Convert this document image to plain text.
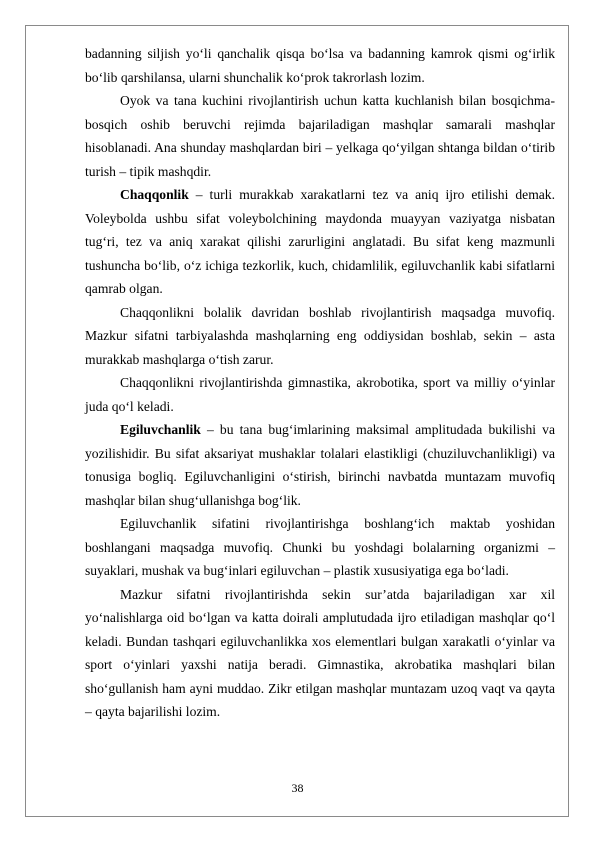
badanning siljish yo‘li qanchalik qisqa bo‘lsa va badanning kamrok qismi og‘irlik bo‘lib qarshilansa, ularni shunchalik ko‘prok takrorlash lozim.

Oyok va tana kuchini rivojlantirish uchun katta kuchlanish bilan bosqichma-bosqich oshib beruvchi rejimda bajariladigan mashqlar samarali mashqlar hisoblanadi. Ana shunday mashqlardan biri – yelkaga qo‘yilgan shtanga bildan o‘tirib turish – tipik mashqdir.

Chaqqonlik – turli murakkab xarakatlarni tez va aniq ijro etilishi demak. Voleybolda ushbu sifat voleybolchining maydonda muayyan vaziyatga nisbatan tug‘ri, tez va aniq xarakat qilishi zarurligini anglatadi. Bu sifat keng mazmunli tushuncha bo‘lib, o‘z ichiga tezkorlik, kuch, chidamlilik, egiluvchanlik kabi sifatlarni qamrab olgan.

Chaqqonlikni bolalik davridan boshlab rivojlantirish maqsadga muvofiq. Mazkur sifatni tarbiyalashda mashqlarning eng oddiysidan boshlab, sekin – asta murakkab mashqlarga o‘tish zarur.

Chaqqonlikni rivojlantirishda gimnastika, akrobotika, sport va milliy o‘yinlar juda qo‘l keladi.

Egiluvchanlik – bu tana bug‘imlarining maksimal amplitudada bukilishi va yozilishidir. Bu sifat aksariyat mushaklar tolalari elastikligi (chuziluvchanlikligi) va tonusiga bogliq. Egiluvchanligini o‘stirish, birinchi navbatda muntazam muvofiq mashqlar bilan shug‘ullanishga bog‘lik.

Egiluvchanlik sifatini rivojlantirishga boshlang‘ich maktab yoshidan boshlangani maqsadga muvofiq. Chunki bu yoshdagi bolalarning organizmi – suyaklari, mushak va bug‘inlari egiluvchan – plastik xususiyatiga ega bo‘ladi.

Mazkur sifatni rivojlantirishda sekin sur’atda bajariladigan xar xil yo‘nalishlarga oid bo‘lgan va katta doirali amplutudada ijro etiladigan mashqlar qo‘l keladi. Bundan tashqari egiluvchanlikka xos elementlari bulgan xarakatli o‘yinlar va sport o‘yinlari yaxshi natija beradi. Gimnastika, akrobatika mashqlari bilan sho‘gullanish ham ayni muddao. Zikr etilgan mashqlar muntazam uzoq vaqt va qayta – qayta bajarilishi lozim.

38
